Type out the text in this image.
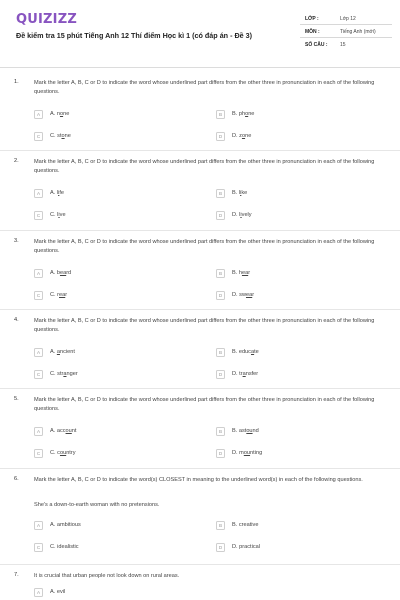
QUIZIZZ
Đề kiểm tra 15 phút Tiếng Anh 12 Thí điểm Học kì 1 (có đáp án - Đề 3)
LỚP :	Lớp 12
MÔN :	Tiếng Anh (mới)
SỐ CÂU :	15
1.	Mark the letter A, B, C or D to indicate the word whose underlined part differs from the other three in pronunciation in each of the following questions.
A	A. none	B	B. phone
C	C. stone	D	D. zone
2.	Mark the letter A, B, C or D to indicate the word whose underlined part differs from the other three in pronunciation in each of the following questions.
A	A. life	B	B. like
C	C. live	D	D. lively
3.	Mark the letter A, B, C or D to indicate the word whose underlined part differs from the other three in pronunciation in each of the following questions.
A	A. beard	B	B. hear
C	C. rear	D	D. swear
4.	Mark the letter A, B, C or D to indicate the word whose underlined part differs from the other three in pronunciation in each of the following questions.
A	A. ancient	B	B. educate
C	C. stranger	D	D. transfer
5.	Mark the letter A, B, C or D to indicate the word whose underlined part differs from the other three in pronunciation in each of the following questions.
A	A. account	B	B. astound
C	C. country	D	D. mounting
6.	Mark the letter A, B, C or D to indicate the word(s) CLOSEST in meaning to the underlined word(s) in each of the following questions.
She's a down-to-earth woman with no pretensions.
A	A. ambitious	B	B. creative
C	C. idealistic	D	D. practical
7.	It is crucial that urban people not look down on rural areas.
A	A. evil
